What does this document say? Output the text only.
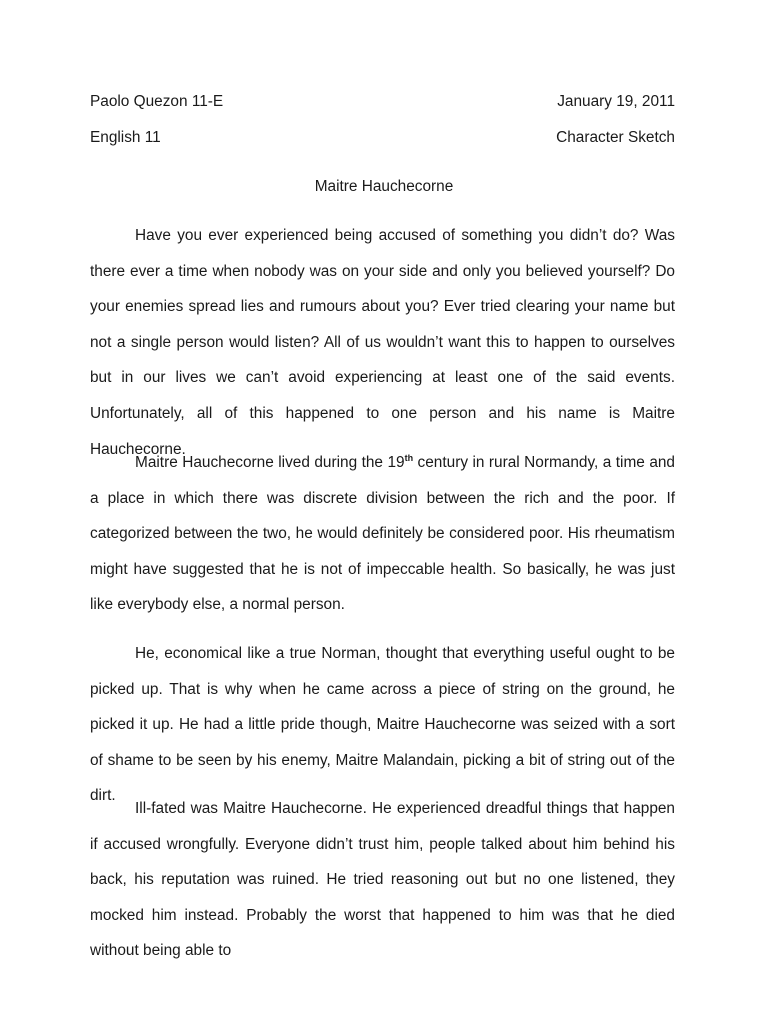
Paolo Quezon 11-E	January 19, 2011
English 11	Character Sketch
Maitre Hauchecorne

Have you ever experienced being accused of something you didn’t do? Was there ever a time when nobody was on your side and only you believed yourself? Do your enemies spread lies and rumours about you? Ever tried clearing your name but not a single person would listen? All of us wouldn’t want this to happen to ourselves but in our lives we can’t avoid experiencing at least one of the said events. Unfortunately, all of this happened to one person and his name is Maitre Hauchecorne.

Maitre Hauchecorne lived during the 19th century in rural Normandy, a time and a place in which there was discrete division between the rich and the poor. If categorized between the two, he would definitely be considered poor. His rheumatism might have suggested that he is not of impeccable health. So basically, he was just like everybody else, a normal person.

He, economical like a true Norman, thought that everything useful ought to be picked up. That is why when he came across a piece of string on the ground, he picked it up. He had a little pride though, Maitre Hauchecorne was seized with a sort of shame to be seen by his enemy, Maitre Malandain, picking a bit of string out of the dirt.

Ill-fated was Maitre Hauchecorne. He experienced dreadful things that happen if accused wrongfully. Everyone didn’t trust him, people talked about him behind his back, his reputation was ruined. He tried reasoning out but no one listened, they mocked him instead. Probably the worst that happened to him was that he died without being able to
